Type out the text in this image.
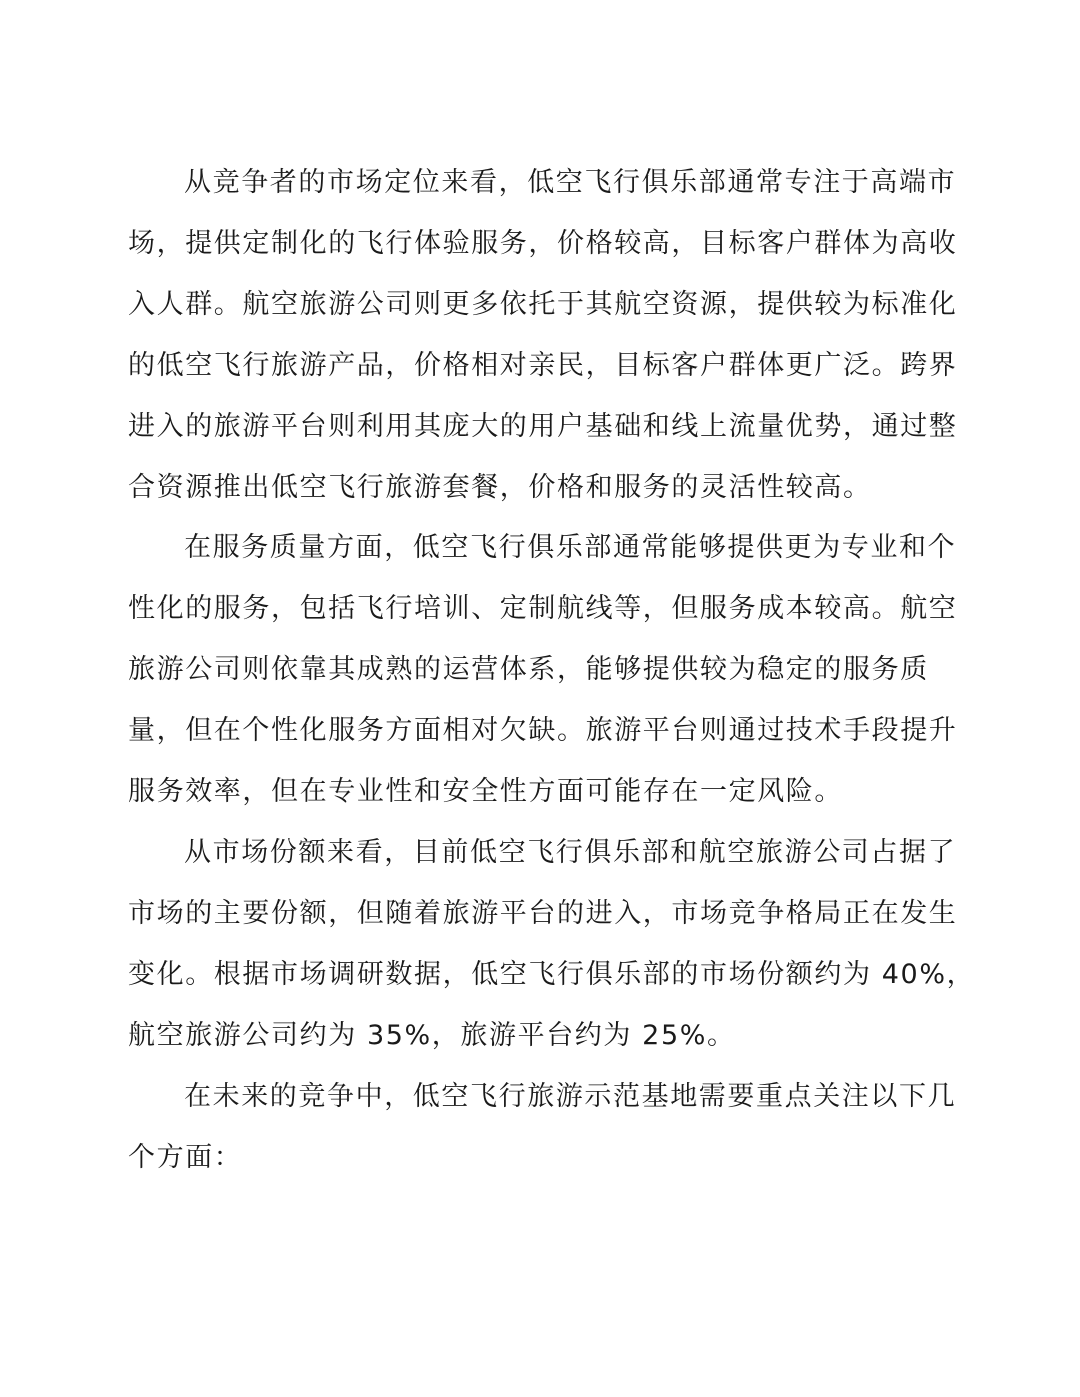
从竞争者的市场定位来看，低空飞行俱乐部通常专注于高端市
场，提供定制化的飞行体验服务，价格较高，目标客户群体为高收
入人群。航空旅游公司则更多依托于其航空资源，提供较为标准化
的低空飞行旅游产品，价格相对亲民，目标客户群体更广泛。跨界
进入的旅游平台则利用其庞大的用户基础和线上流量优势，通过整
合资源推出低空飞行旅游套餐，价格和服务的灵活性较高。
在服务质量方面，低空飞行俱乐部通常能够提供更为专业和个
性化的服务，包括飞行培训、定制航线等，但服务成本较高。航空
旅游公司则依靠其成熟的运营体系，能够提供较为稳定的服务质
量，但在个性化服务方面相对欠缺。旅游平台则通过技术手段提升
服务效率，但在专业性和安全性方面可能存在一定风险。
从市场份额来看，目前低空飞行俱乐部和航空旅游公司占据了
市场的主要份额，但随着旅游平台的进入，市场竞争格局正在发生
变化。根据市场调研数据，低空飞行俱乐部的市场份额约为 40%，
航空旅游公司约为 35%，旅游平台约为 25%。
在未来的竞争中，低空飞行旅游示范基地需要重点关注以下几
个方面：
